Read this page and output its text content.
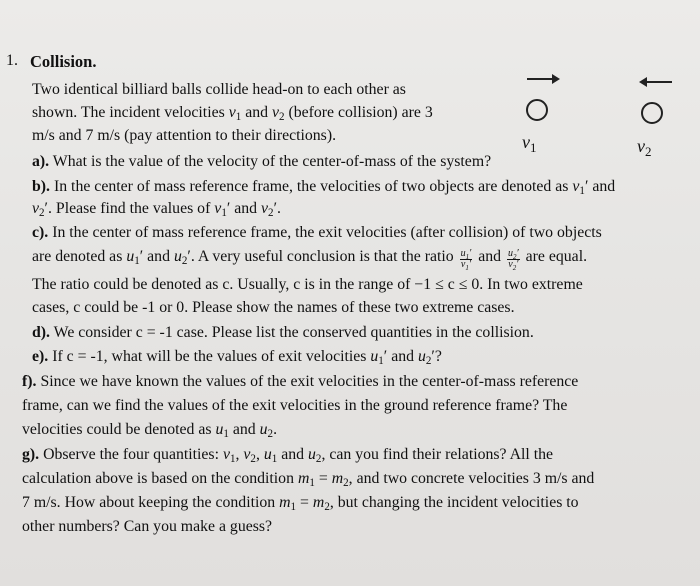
1. Collision.
$v_1$	$v_2$
Two identical billiard balls collide head-on to each other as
shown. The incident velocities $v_1$ and $v_2$ (before collision) are 3
m/s and 7 m/s (pay attention to their directions).
a). What is the value of the velocity of the center-of-mass of the system?
b). In the center of mass reference frame, the velocities of two objects are denoted as $v_1'$ and
$v_2'$. Please find the values of $v_1'$ and $v_2'$.
c). In the center of mass reference frame, the exit velocities (after collision) of two objects
are denoted as $u_1'$ and $u_2'$. A very useful conclusion is that the ratio $\frac{u_1'}{v_1'}$ and $\frac{u_2'}{v_2'}$ are equal.
The ratio could be denoted as c. Usually, c is in the range of −1 ≤ c ≤ 0. In two extreme
cases, c could be -1 or 0. Please show the names of these two extreme cases.
d). We consider c = -1 case. Please list the conserved quantities in the collision.
e). If c = -1, what will be the values of exit velocities $u_1'$ and $u_2'$?
f). Since we have known the values of the exit velocities in the center-of-mass reference
frame, can we find the values of the exit velocities in the ground reference frame? The
velocities could be denoted as $u_1$ and $u_2$.
g). Observe the four quantities: $v_1$, $v_2$, $u_1$ and $u_2$, can you find their relations? All the
calculation above is based on the condition $m_1 = m_2$, and two concrete velocities 3 m/s and
7 m/s. How about keeping the condition $m_1 = m_2$, but changing the incident velocities to
other numbers? Can you make a guess?
